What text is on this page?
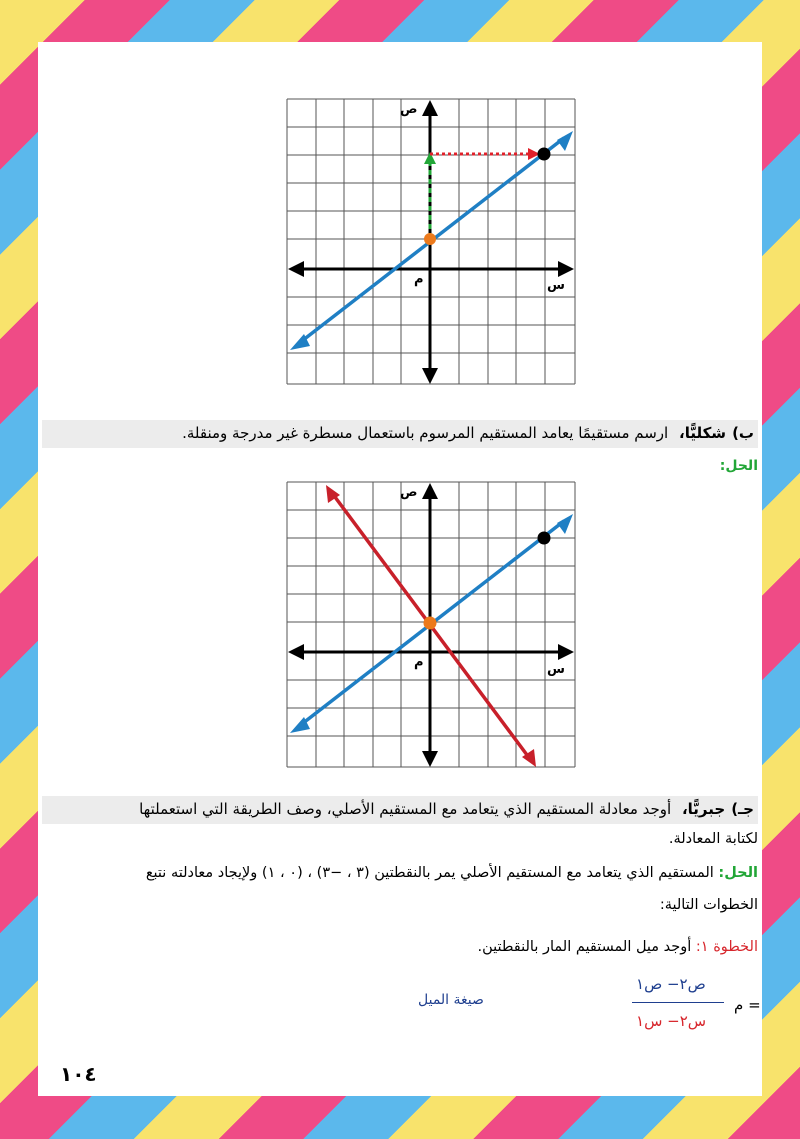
ص
س
م
ب)شكليًّا، ارسم مستقيمًا يعامد المستقيم المرسوم باستعمال مسطرة غير مدرجة ومنقلة.
الحل:
ص
س
م
جـ)جبريًّا، أوجد معادلة المستقيم الذي يتعامد مع المستقيم الأصلي، وصف الطريقة التي استعملتها
لكتابة المعادلة.
الحل: المستقيم الذي يتعامد مع المستقيم الأصلي يمر بالنقطتين (٣ ، −٣) ، (٠ ، ١) ولإيجاد معادلته نتبع
الخطوات التالية:
الخطوة ١: أوجد ميل المستقيم المار بالنقطتين.
م =
ص٢− ص١
س٢− س١
صيغة الميل
١٠٤
